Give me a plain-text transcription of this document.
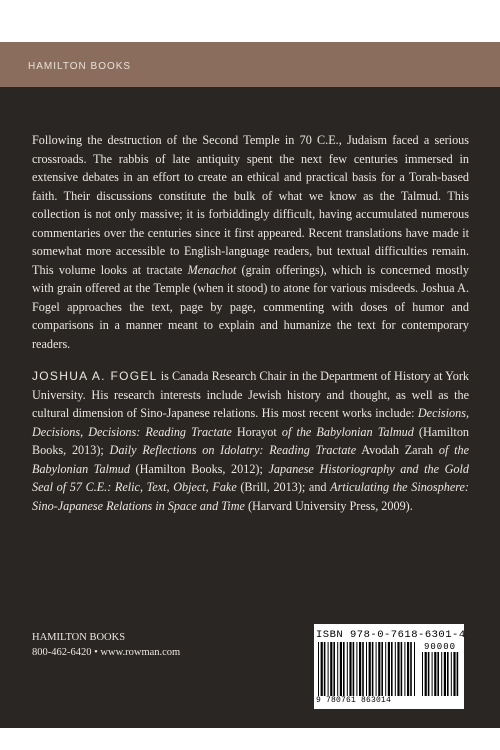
HAMILTON BOOKS

Following the destruction of the Second Temple in 70 C.E., Judaism faced a serious crossroads. The rabbis of late antiquity spent the next few centuries immersed in extensive debates in an effort to create an ethical and practical basis for a Torah-based faith. Their discussions constitute the bulk of what we know as the Talmud. This collection is not only massive; it is forbiddingly difficult, having accumulated numerous commentaries over the centuries since it first appeared. Recent translations have made it somewhat more accessible to English-language readers, but textual difficulties remain. This volume looks at tractate Menachot (grain offerings), which is concerned mostly with grain offered at the Temple (when it stood) to atone for various misdeeds. Joshua A. Fogel approaches the text, page by page, commenting with doses of humor and comparisons in a manner meant to explain and humanize the text for contemporary readers.

JOSHUA A. FOGEL is Canada Research Chair in the Department of History at York University. His research interests include Jewish history and thought, as well as the cultural dimension of Sino-Japanese relations. His most recent works include: Decisions, Decisions, Decisions: Reading Tractate Horayot of the Babylonian Talmud (Hamilton Books, 2013); Daily Reflections on Idolatry: Reading Tractate Avodah Zarah of the Babylonian Talmud (Hamilton Books, 2012); Japanese Historiography and the Gold Seal of 57 C.E.: Relic, Text, Object, Fake (Brill, 2013); and Articulating the Sinosphere: Sino-Japanese Relations in Space and Time (Harvard University Press, 2009).

HAMILTON BOOKS
800-462-6420 • www.rowman.com
ISBN 978-0-7618-6301-4
90000
9 780761 863014
